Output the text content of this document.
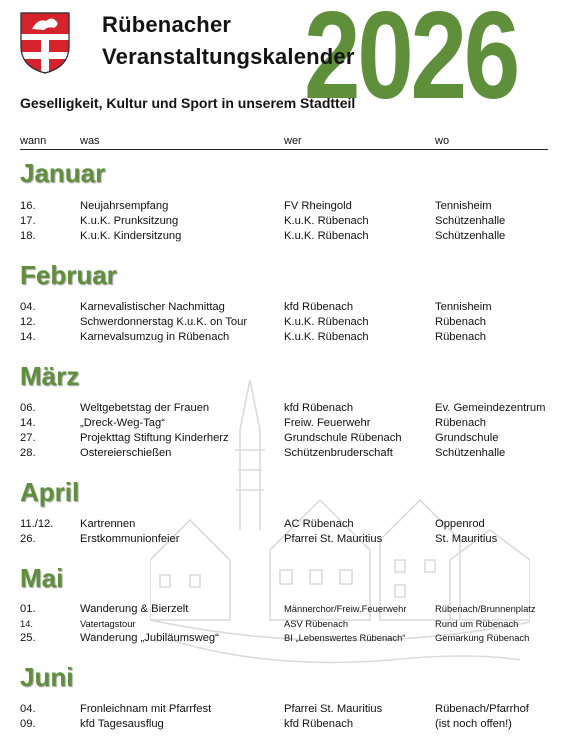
Rübenacher 2026
Veranstaltungskalender
Geselligkeit, Kultur und Sport in unserem Stadtteil
wann	was	wer	wo
Januar
16.	Neujahrsempfang	FV Rheingold	Tennisheim
17.	K.u.K. Prunksitzung	K.u.K. Rübenach	Schützenhalle
18.	K.u.K. Kindersitzung	K.u.K. Rübenach	Schützenhalle
Februar
04.	Karnevalistischer Nachmittag	kfd Rübenach	Tennisheim
12.	Schwerdonnerstag K.u.K. on Tour	K.u.K. Rübenach	Rübenach
14.	Karnevalsumzug in Rübenach	K.u.K. Rübenach	Rübenach
März
06.	Weltgebetstag der Frauen	kfd Rübenach	Ev. Gemeindezentrum
14.	„Dreck-Weg-Tag“	Freiw. Feuerwehr	Rübenach
27.	Projekttag Stiftung Kinderherz	Grundschule Rübenach	Grundschule
28.	Ostereierschießen	Schützenbruderschaft	Schützenhalle
April
11./12. Kartrennen	AC Rübenach	Oppenrod
26.	Erstkommunionfeier	Pfarrei St. Mauritius	St. Mauritius
Mai
01.	Wanderung & Bierzelt	Männerchor/Freiw.Feuerwehr	Rübenach/Brunnenplatz
14.	Vatertagstour	ASV Rübenach	Rund um Rübenach
25.	Wanderung „Jubiläumsweg“	BI „Lebenswertes Rübenach“	Gemarkung Rübenach
Juni
04.	Fronleichnam mit Pfarrfest	Pfarrei St. Mauritius	Rübenach/Pfarrhof
09.	kfd Tagesausflug	kfd Rübenach	(ist noch offen!)
